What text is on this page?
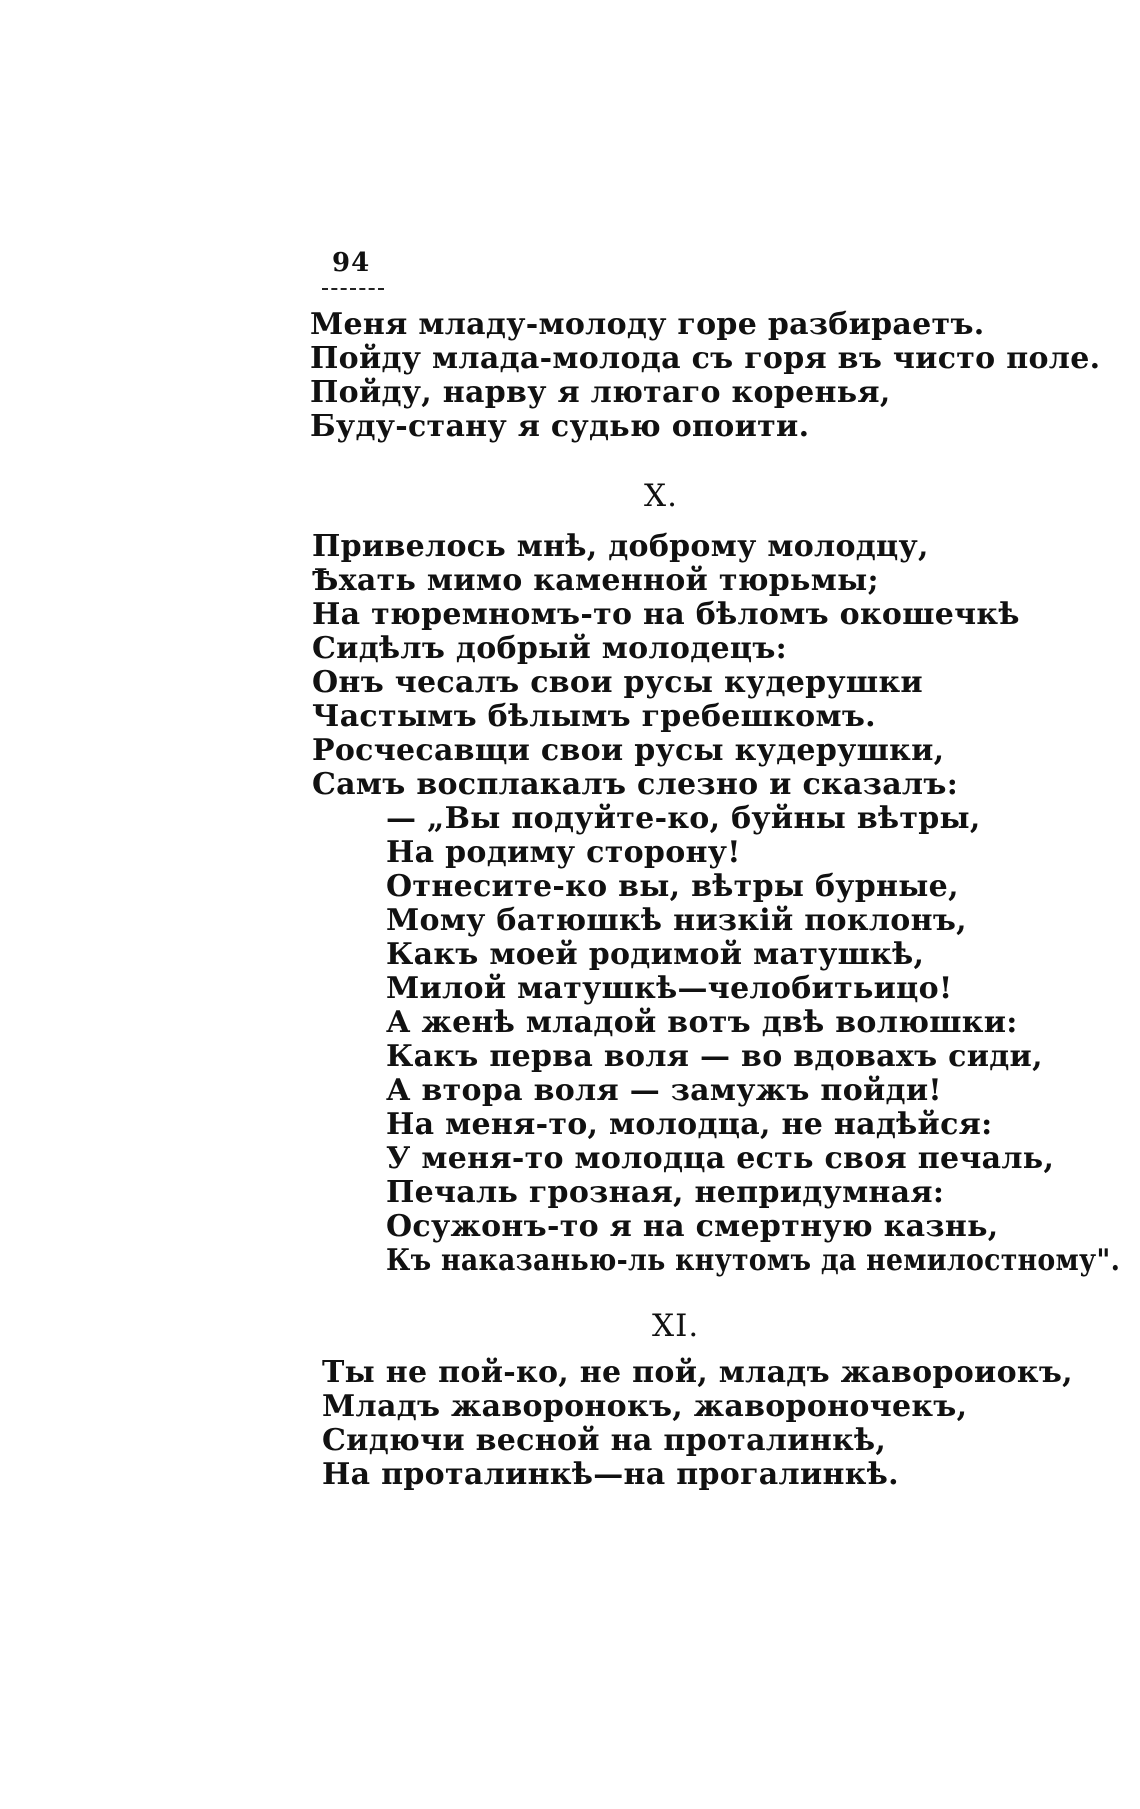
94
Меня младу-молоду горе разбираетъ.
Пойду млада-молода съ горя въ чисто поле.
Пойду, нарву я лютаго коренья,
Буду-стану я судью опоити.
X.
Привелось мнѣ, доброму молодцу,
Ѣхать мимо каменной тюрьмы;
На тюремномъ-то на бѣломъ окошечкѣ
Сидѣлъ добрый молодецъ:
Онъ чесалъ свои русы кудерушки
Частымъ бѣлымъ гребешкомъ.
Росчесавщи свои русы кудерушки,
Самъ восплакалъ слезно и сказалъ:
— „Вы подуйте-ко, буйны вѣтры,
На родиму сторону!
Отнесите-ко вы, вѣтры бурные,
Мому батюшкѣ низкій поклонъ,
Какъ моей родимой матушкѣ,
Милой матушкѣ—челобитьицо!
А женѣ младой вотъ двѣ волюшки:
Какъ перва воля — во вдовахъ сиди,
А втора воля — замужъ пойди!
На меня-то, молодца, не надѣйся:
У меня-то молодца есть своя печаль,
Печаль грозная, непридумная:
Осужонъ-то я на смертную казнь,
Къ наказанью-ль кнутомъ да немилостному".
XI.
Ты не пой-ко, не пой, младъ жавороиокъ,
Младъ жаворонокъ, жавороночекъ,
Сидючи весной на проталинкѣ,
На проталинкѣ—на прогалинкѣ.
